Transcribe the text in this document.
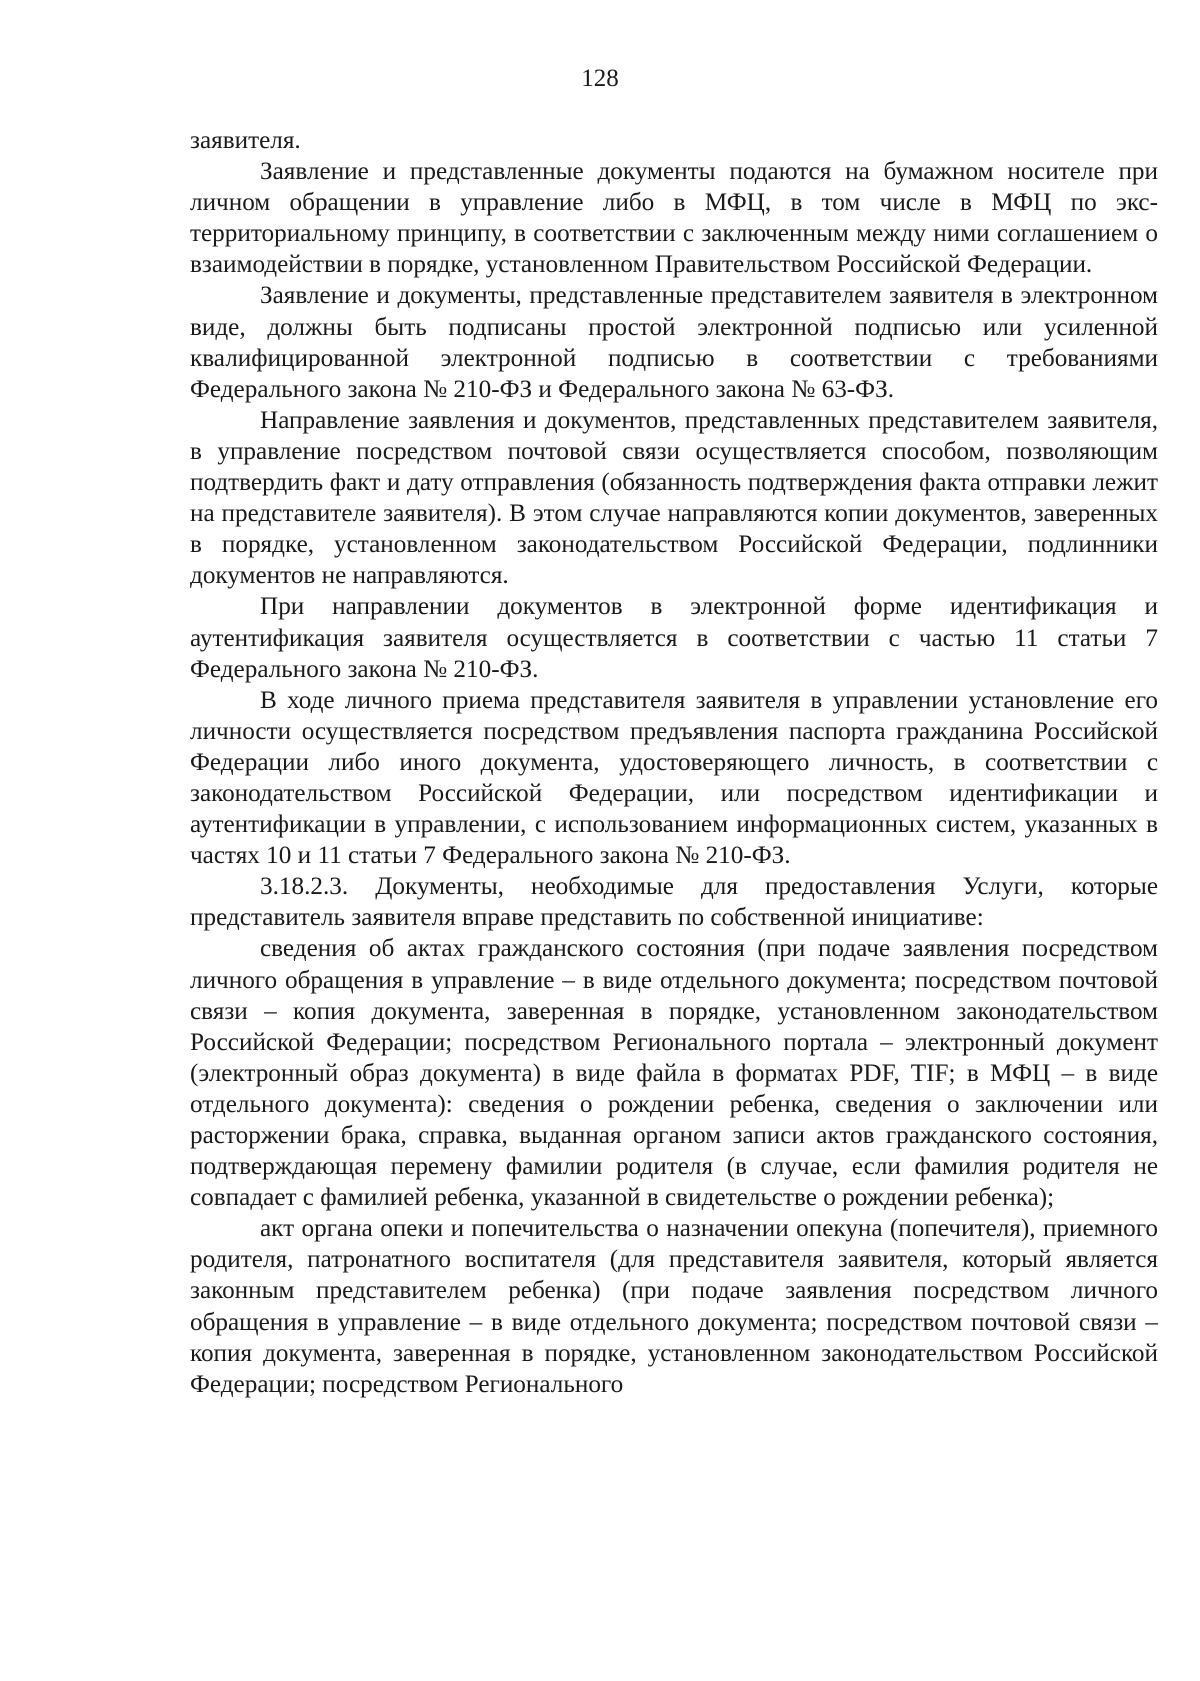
128

заявителя.

Заявление и представленные документы подаются на бумажном носителе при личном обращении в управление либо в МФЦ, в том числе в МФЦ по экстерриториальному принципу, в соответствии с заключенным между ними соглашением о взаимодействии в порядке, установленном Правительством Российской Федерации.

Заявление и документы, представленные представителем заявителя в электронном виде, должны быть подписаны простой электронной подписью или усиленной квалифицированной электронной подписью в соответствии с требованиями Федерального закона № 210-ФЗ и Федерального закона № 63-ФЗ.

Направление заявления и документов, представленных представителем заявителя, в управление посредством почтовой связи осуществляется способом, позволяющим подтвердить факт и дату отправления (обязанность подтверждения факта отправки лежит на представителе заявителя). В этом случае направляются копии документов, заверенных в порядке, установленном законодательством Российской Федерации, подлинники документов не направляются.

При направлении документов в электронной форме идентификация и аутентификация заявителя осуществляется в соответствии с частью 11 статьи 7 Федерального закона № 210-ФЗ.

В ходе личного приема представителя заявителя в управлении установление его личности осуществляется посредством предъявления паспорта гражданина Российской Федерации либо иного документа, удостоверяющего личность, в соответствии с законодательством Российской Федерации, или посредством идентификации и аутентификации в управлении, с использованием информационных систем, указанных в частях 10 и 11 статьи 7 Федерального закона № 210-ФЗ.

3.18.2.3. Документы, необходимые для предоставления Услуги, которые представитель заявителя вправе представить по собственной инициативе:

сведения об актах гражданского состояния (при подаче заявления посредством личного обращения в управление – в виде отдельного документа; посредством почтовой связи – копия документа, заверенная в порядке, установленном законодательством Российской Федерации; посредством Регионального портала – электронный документ (электронный образ документа) в виде файла в форматах PDF, TIF; в МФЦ – в виде отдельного документа): сведения о рождении ребенка, сведения о заключении или расторжении брака, справка, выданная органом записи актов гражданского состояния, подтверждающая перемену фамилии родителя (в случае, если фамилия родителя не совпадает с фамилией ребенка, указанной в свидетельстве о рождении ребенка);

акт органа опеки и попечительства о назначении опекуна (попечителя), приемного родителя, патронатного воспитателя (для представителя заявителя, который является законным представителем ребенка) (при подаче заявления посредством личного обращения в управление – в виде отдельного документа; посредством почтовой связи – копия документа, заверенная в порядке, установленном законодательством Российской Федерации; посредством Регионального
